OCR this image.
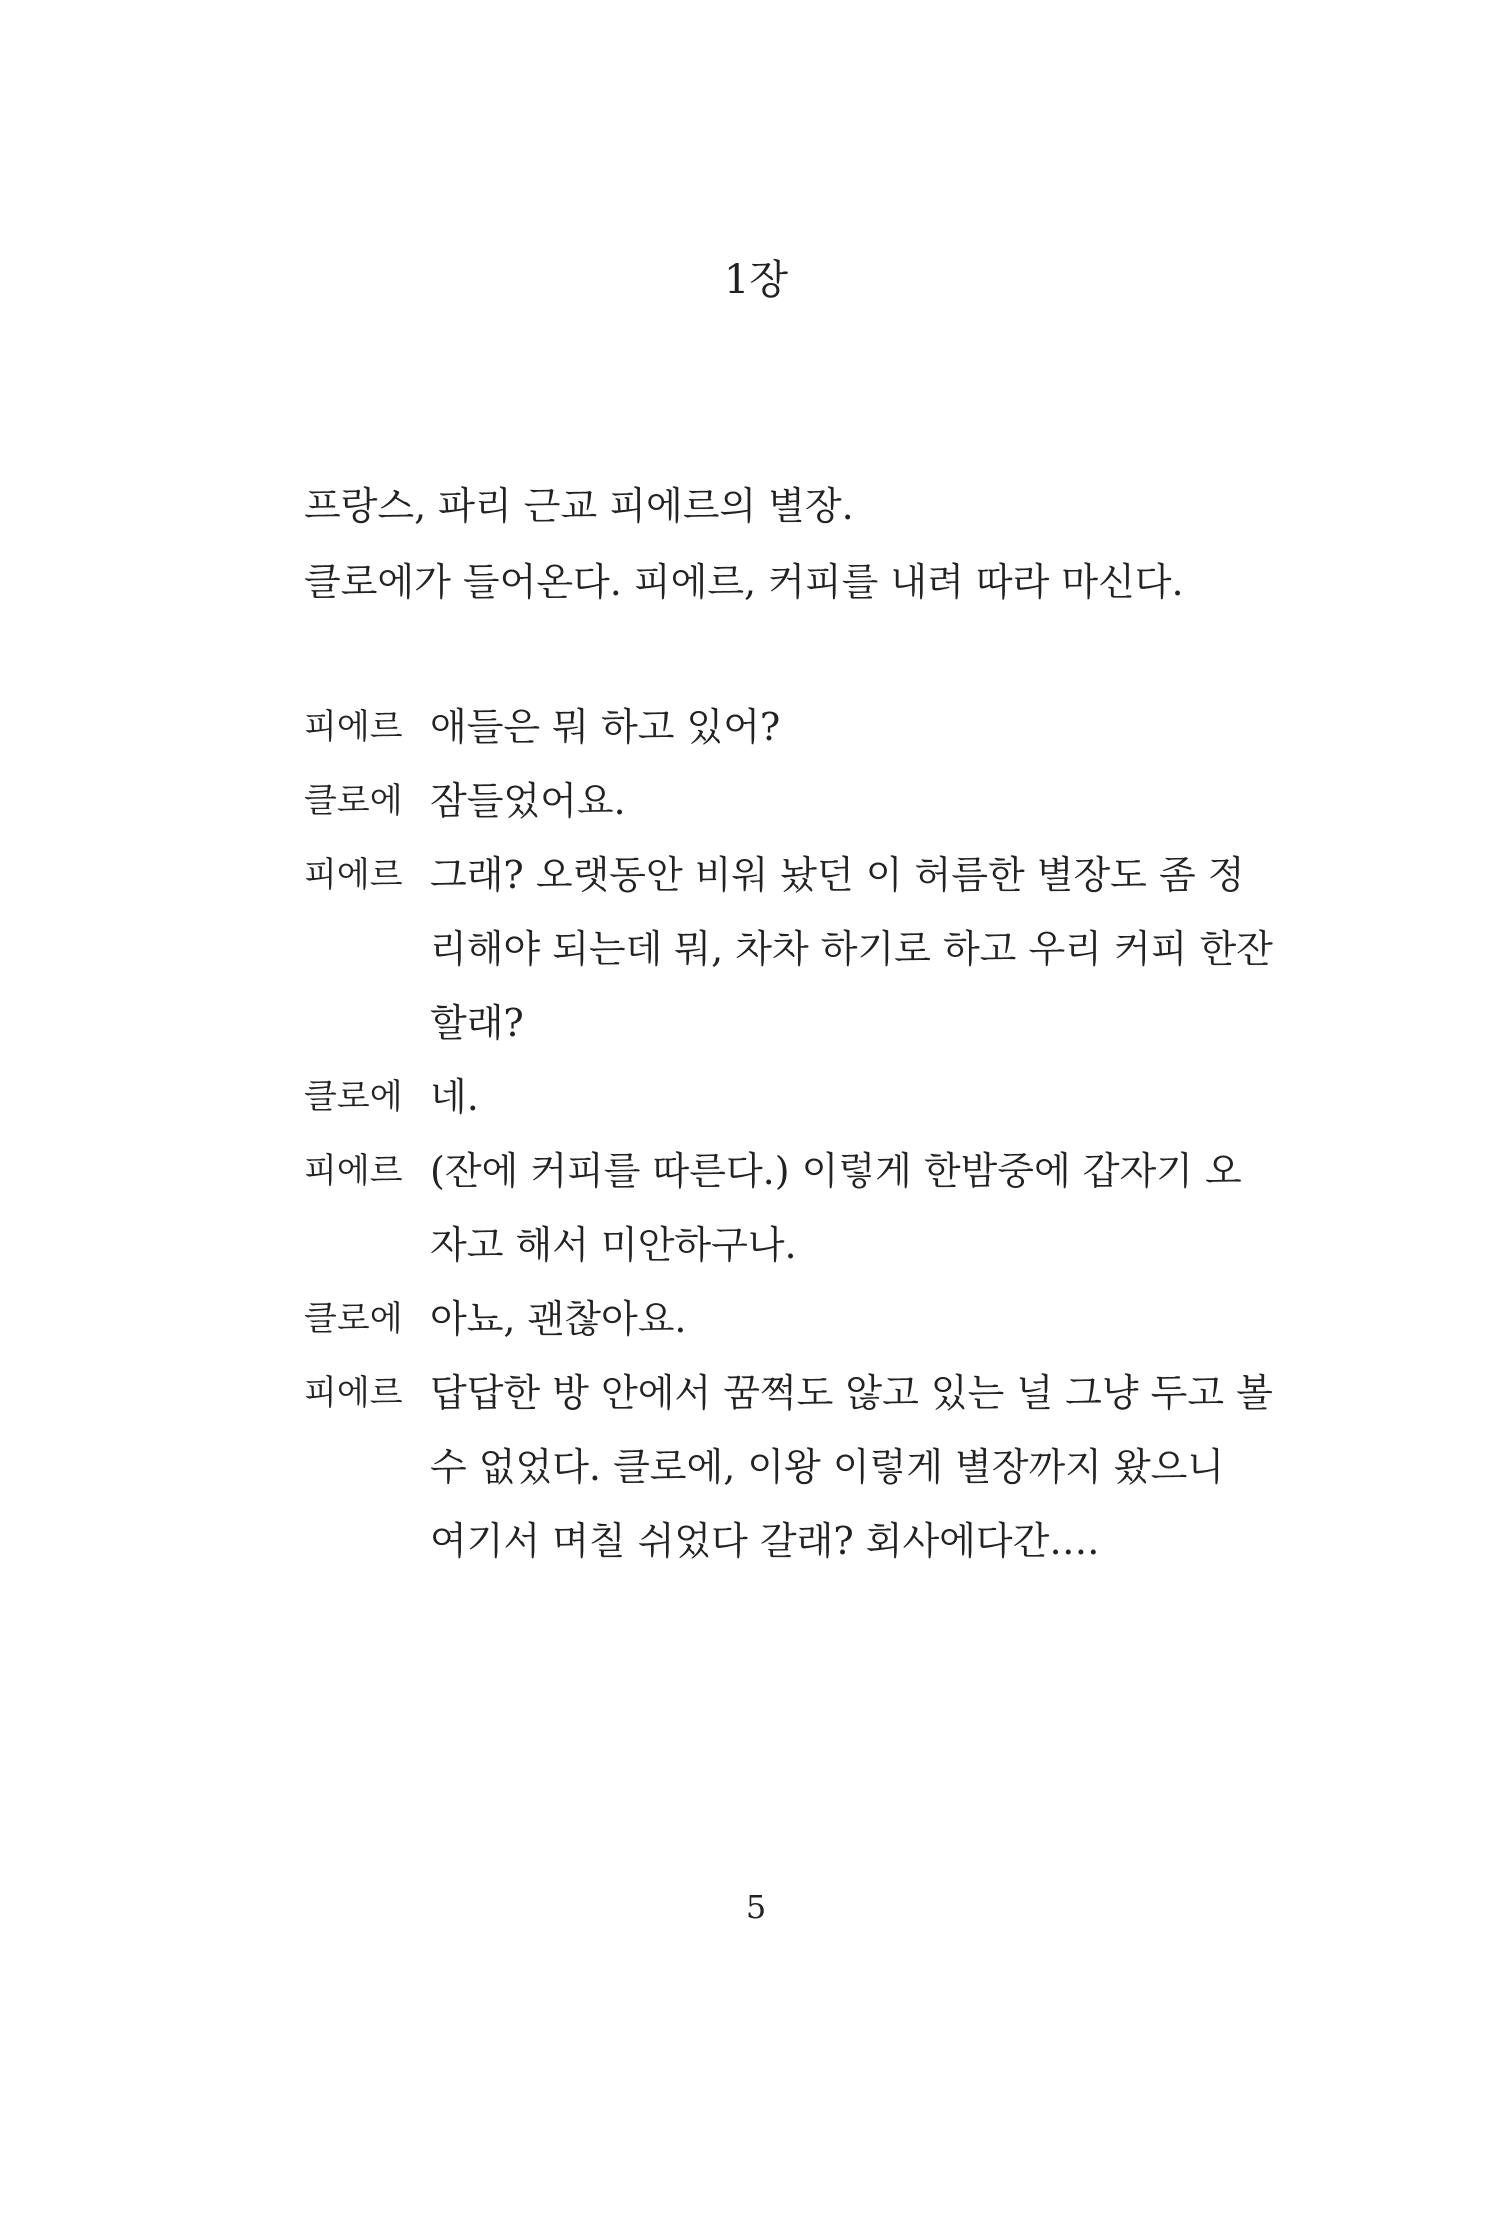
1장
프랑스, 파리 근교 피에르의 별장.
클로에가 들어온다. 피에르, 커피를 내려 따라 마신다.
피에르 애들은 뭐 하고 있어?
클로에 잠들었어요.
피에르 그래? 오랫동안 비워 놨던 이 허름한 별장도 좀 정
리해야 되는데 뭐, 차차 하기로 하고 우리 커피 한잔
할래?
클로에 네.
피에르 (잔에 커피를 따른다.) 이렇게 한밤중에 갑자기 오
자고 해서 미안하구나.
클로에 아뇨, 괜찮아요.
피에르 답답한 방 안에서 꿈쩍도 않고 있는 널 그냥 두고 볼
수 없었다. 클로에, 이왕 이렇게 별장까지 왔으니
여기서 며칠 쉬었다 갈래? 회사에다간….
5
